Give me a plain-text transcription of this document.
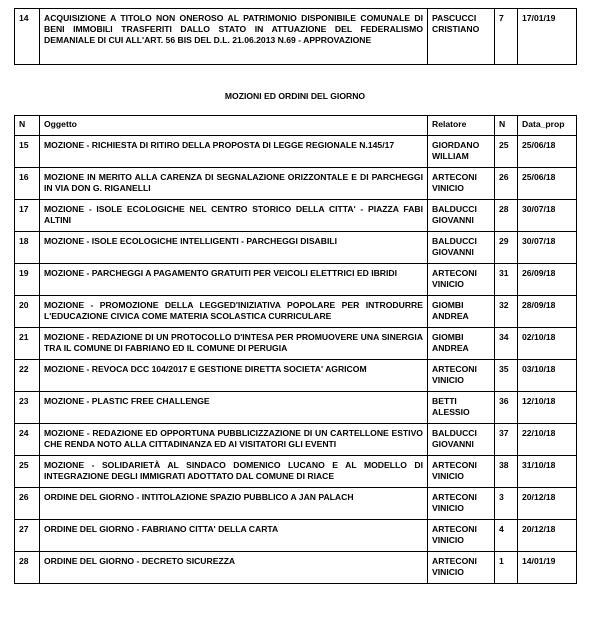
14	ACQUISIZIONE A TITOLO NON ONEROSO AL PATRIMONIO DISPONIBILE COMUNALE DI BENI IMMOBILI TRASFERITI DALLO STATO IN ATTUAZIONE DEL FEDERALISMO DEMANIALE DI CUI ALL'ART. 56 BIS DEL D.L. 21.06.2013 N.69 - APPROVAZIONE	PASCUCCI CRISTIANO	7	17/01/19
MOZIONI ED ORDINI DEL GIORNO
N	Oggetto	Relatore	N	Data_prop
15	MOZIONE - RICHIESTA DI RITIRO DELLA PROPOSTA DI LEGGE REGIONALE N.145/17	GIORDANO WILLIAM	25	25/06/18
16	MOZIONE IN MERITO ALLA CARENZA DI SEGNALAZIONE ORIZZONTALE E DI PARCHEGGI IN VIA DON G. RIGANELLI	ARTECONI VINICIO	26	25/06/18
17	MOZIONE - ISOLE ECOLOGICHE NEL CENTRO STORICO DELLA CITTA' - PIAZZA FABI ALTINI	BALDUCCI GIOVANNI	28	30/07/18
18	MOZIONE - ISOLE ECOLOGICHE INTELLIGENTI - PARCHEGGI DISABILI	BALDUCCI GIOVANNI	29	30/07/18
19	MOZIONE - PARCHEGGI A PAGAMENTO GRATUITI PER VEICOLI ELETTRICI ED IBRIDI	ARTECONI VINICIO	31	26/09/18
20	MOZIONE - PROMOZIONE DELLA LEGGED'INIZIATIVA POPOLARE PER INTRODURRE L'EDUCAZIONE CIVICA COME MATERIA SCOLASTICA CURRICULARE	GIOMBI ANDREA	32	28/09/18
21	MOZIONE - REDAZIONE DI UN PROTOCOLLO D'INTESA PER PROMUOVERE UNA SINERGIA TRA IL COMUNE DI FABRIANO ED IL COMUNE DI PERUGIA	GIOMBI ANDREA	34	02/10/18
22	MOZIONE - REVOCA DCC 104/2017 E GESTIONE DIRETTA SOCIETA' AGRICOM	ARTECONI VINICIO	35	03/10/18
23	MOZIONE - PLASTIC FREE CHALLENGE	BETTI ALESSIO	36	12/10/18
24	MOZIONE - REDAZIONE ED OPPORTUNA PUBBLICIZZAZIONE DI UN CARTELLONE ESTIVO CHE RENDA NOTO ALLA CITTADINANZA ED AI VISITATORI GLI EVENTI	BALDUCCI GIOVANNI	37	22/10/18
25	MOZIONE - SOLIDARIETÀ AL SINDACO DOMENICO LUCANO E AL MODELLO DI INTEGRAZIONE DEGLI IMMIGRATI ADOTTATO DAL COMUNE DI RIACE	ARTECONI VINICIO	38	31/10/18
26	ORDINE DEL GIORNO - INTITOLAZIONE SPAZIO PUBBLICO A JAN PALACH	ARTECONI VINICIO	3	20/12/18
27	ORDINE DEL GIORNO - FABRIANO CITTA' DELLA CARTA	ARTECONI VINICIO	4	20/12/18
28	ORDINE DEL GIORNO - DECRETO SICUREZZA	ARTECONI VINICIO	1	14/01/19
